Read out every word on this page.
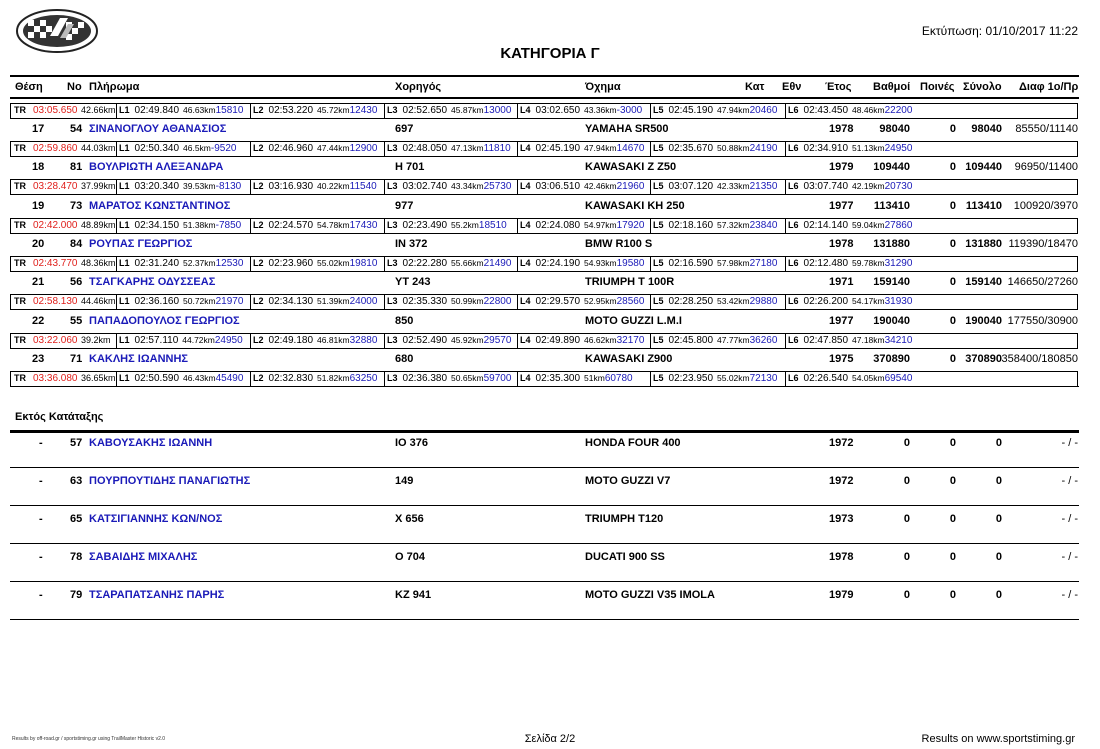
Εκτύπωση: 01/10/2017 11:22
ΚΑΤΗΓΟΡΙΑ Γ
Θέση Νο Πλήρωμα	Χορηγός	Όχημα	Κατ Εθν Έτος Βαθμοί Ποινές Σύνολο Διαφ 1ο/Πρ
TR 03:05.650 42.66km L1 02:49.840 46.63km15810	L2 02:53.220 45.72km12430	L3 02:52.650 45.87km13000 L4 03:02.650 43.36km-3000	L5 02:45.190 47.94km20460	L6 02:43.450 48.46km22200
17 54 ΣΙΝΑΝΟΓΛΟΥ ΑΘΑΝΑΣΙΟΣ	697	YAMAHA SR500	1978 98040	0 98040 85550/11140
TR 02:59.860 44.03km L1 02:50.340 46.5km-9520	L2 02:46.960 47.44km12900	L3 02:48.050 47.13km11810	L4 02:45.190 47.94km14670 L5 02:35.670 50.88km24190	L6 02:34.910 51.13km24950
18 81 ΒΟΥΛΡΙΩΤΗ ΑΛΕΞΑΝΔΡΑ	Η 701	KAWASAKI Z Z50	1979 109440	0 109440 96950/11400
TR 03:28.470 37.99km L1 03:20.340 39.53km-8130	L2 03:16.930 40.22km11540	L3 03:02.740 43.34km25730 L4 03:06.510 42.46km21960 L5 03:07.120 42.33km21350	L6 03:07.740 42.19km20730
19 73 ΜΑΡΑΤΟΣ ΚΩΝΣΤΑΝΤΙΝΟΣ	977	KAWASAKI KH 250	1977 113410	0 113410 100920/3970
TR 02:42.000 48.89km L1 02:34.150 51.38km-7850	L2 02:24.570 54.78km17430	L3 02:23.490 55.2km18510	L4 02:24.080 54.97km17920 L5 02:18.160 57.32km23840	L6 02:14.140 59.04km27860
20 84 ΡΟΥΠΑΣ ΓΕΩΡΓΙΟΣ	IN 372	BMW R100 S	1978 131880	0 131880 119390/18470
TR 02:43.770 48.36km L1 02:31.240 52.37km12530	L2 02:23.960 55.02km19810	L3 02:22.280 55.66km21490 L4 02:24.190 54.93km19580 L5 02:16.590 57.98km27180	L6 02:12.480 59.78km31290
21 56 ΤΣΑΓΚΑΡΗΣ ΟΔΥΣΣΕΑΣ	YT 243	TRIUMPH T 100R	1971 159140	0 159140 146650/27260
TR 02:58.130 44.46km L1 02:36.160 50.72km21970	L2 02:34.130 51.39km24000	L3 02:35.330 50.99km22800 L4 02:29.570 52.95km28560 L5 02:28.250 53.42km29880	L6 02:26.200 54.17km31930
22 55 ΠΑΠΑΔΟΠΟΥΛΟΣ ΓΕΩΡΓΙΟΣ	850	MOTO GUZZI L.M.I	1977 190040	0 190040 177550/30900
TR 03:22.060 39.2km L1 02:57.110 44.72km24950	L2 02:49.180 46.81km32880	L3 02:52.490 45.92km29570 L4 02:49.890 46.62km32170 L5 02:45.800 47.77km36260	L6 02:47.850 47.18km34210
23 71 ΚΑΚΛΗΣ ΙΩΑΝΝΗΣ	680	KAWASAKI Z900	1975 370890	0 370890 358400/180850
TR 03:36.080 36.65km L1 02:50.590 46.43km45490	L2 02:32.830 51.82km63250	L3 02:36.380 50.65km59700 L4 02:35.300 51km60780	L5 02:23.950 55.02km72130	L6 02:26.540 54.05km69540
Εκτός Κατάταξης
- 57 ΚΑΒΟΥΣΑΚΗΣ ΙΩΑΝΝΗ	ΙΟ 376	HONDA FOUR 400	1972	0	0	0	- / -
- 63 ΠΟΥΡΠΟΥΤΙΔΗΣ ΠΑΝΑΓΙΩΤΗΣ	149	MOTO GUZZI V7	1972	0	0	0	- / -
- 65 ΚΑΤΣΙΓΙΑΝΝΗΣ ΚΩΝ/ΝΟΣ	Χ 656	TRIUMPH T120	1973	0	0	0	- / -
- 78 ΣΑΒΑΙΔΗΣ ΜΙΧΑΛΗΣ	Ο 704	DUCATI 900 SS	1978	0	0	0	- / -
- 79 ΤΣΑΡΑΠΑΤΣΑΝΗΣ ΠΑΡΗΣ	ΚΖ 941	MOTO GUZZI V35 IMOLA	1979	0	0	0	- / -
Results by off-road.gr / sportstiming.gr using TrailMaster Historic v2.0	Σελίδα 2/2	Results on www.sportstiming.gr
